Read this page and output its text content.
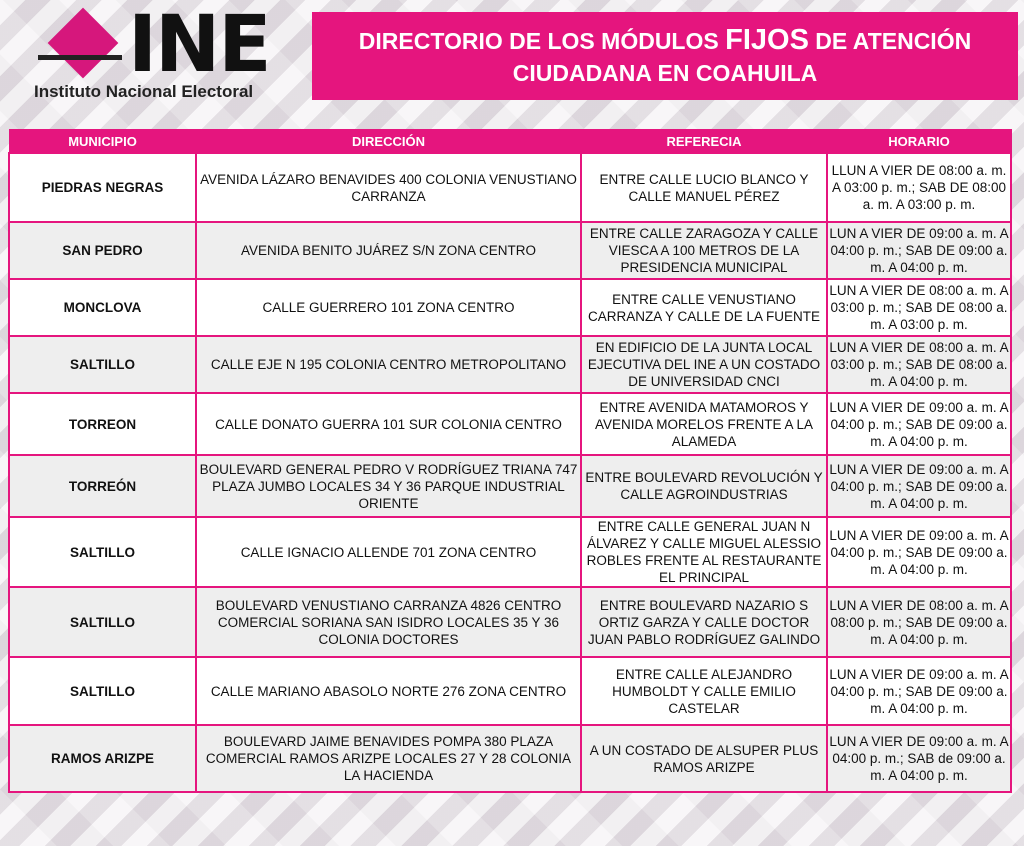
INE
Instituto Nacional Electoral
DIRECTORIO DE LOS MÓDULOS FIJOS DE ATENCIÓN
CIUDADANA EN COAHUILA
MUNICIPIO	DIRECCIÓN	REFERECIA	HORARIO
PIEDRAS NEGRAS	AVENIDA LÁZARO BENAVIDES 400 COLONIA VENUSTIANO CARRANZA	ENTRE CALLE LUCIO BLANCO Y CALLE MANUEL PÉREZ	LLUN A VIER DE 08:00 a. m. A 03:00 p. m.; SAB DE 08:00 a. m. A 03:00 p. m.
SAN PEDRO	AVENIDA BENITO JUÁREZ S/N ZONA CENTRO	ENTRE CALLE ZARAGOZA Y CALLE VIESCA A 100 METROS DE LA PRESIDENCIA MUNICIPAL	LUN A VIER DE 09:00 a. m. A 04:00 p. m.; SAB DE 09:00 a. m. A 04:00 p. m.
MONCLOVA	CALLE GUERRERO 101 ZONA CENTRO	ENTRE CALLE VENUSTIANO CARRANZA Y CALLE DE LA FUENTE	LUN A VIER DE 08:00 a. m. A 03:00 p. m.; SAB DE 08:00 a. m. A 03:00 p. m.
SALTILLO	CALLE EJE N 195 COLONIA CENTRO METROPOLITANO	EN EDIFICIO DE LA JUNTA LOCAL EJECUTIVA DEL INE A UN COSTADO DE UNIVERSIDAD CNCI	LUN A VIER DE 08:00 a. m. A 03:00 p. m.; SAB DE 08:00 a. m. A 04:00 p. m.
TORREON	CALLE DONATO GUERRA 101 SUR COLONIA CENTRO	ENTRE AVENIDA MATAMOROS Y AVENIDA MORELOS FRENTE A LA ALAMEDA	LUN A VIER DE 09:00 a. m. A 04:00 p. m.; SAB DE 09:00 a. m. A 04:00 p. m.
TORREÓN	BOULEVARD GENERAL PEDRO V RODRÍGUEZ TRIANA 747 PLAZA JUMBO LOCALES 34 Y 36 PARQUE INDUSTRIAL ORIENTE	ENTRE BOULEVARD REVOLUCIÓN Y CALLE AGROINDUSTRIAS	LUN A VIER DE 09:00 a. m. A 04:00 p. m.; SAB DE 09:00 a. m. A 04:00 p. m.
SALTILLO	CALLE IGNACIO ALLENDE 701 ZONA CENTRO	ENTRE CALLE GENERAL JUAN N ÁLVAREZ Y CALLE MIGUEL ALESSIO ROBLES FRENTE AL RESTAURANTE EL PRINCIPAL	LUN A VIER DE 09:00 a. m. A 04:00 p. m.; SAB DE 09:00 a. m. A 04:00 p. m.
SALTILLO	BOULEVARD VENUSTIANO CARRANZA 4826 CENTRO COMERCIAL SORIANA SAN ISIDRO LOCALES 35 Y 36 COLONIA DOCTORES	ENTRE BOULEVARD NAZARIO S ORTIZ GARZA Y CALLE DOCTOR JUAN PABLO RODRÍGUEZ GALINDO	LUN A VIER DE 08:00 a. m. A 08:00 p. m.; SAB DE 09:00 a. m. A 04:00 p. m.
SALTILLO	CALLE MARIANO ABASOLO NORTE 276 ZONA CENTRO	ENTRE CALLE ALEJANDRO HUMBOLDT Y CALLE EMILIO CASTELAR	LUN A VIER DE 09:00 a. m. A 04:00 p. m.; SAB DE 09:00 a. m. A 04:00 p. m.
RAMOS ARIZPE	BOULEVARD JAIME BENAVIDES POMPA 380 PLAZA COMERCIAL RAMOS ARIZPE LOCALES 27 Y 28 COLONIA LA HACIENDA	A UN COSTADO DE ALSUPER PLUS RAMOS ARIZPE	LUN A VIER DE 09:00 a. m. A 04:00 p. m.; SAB de 09:00 a. m. A 04:00 p. m.
